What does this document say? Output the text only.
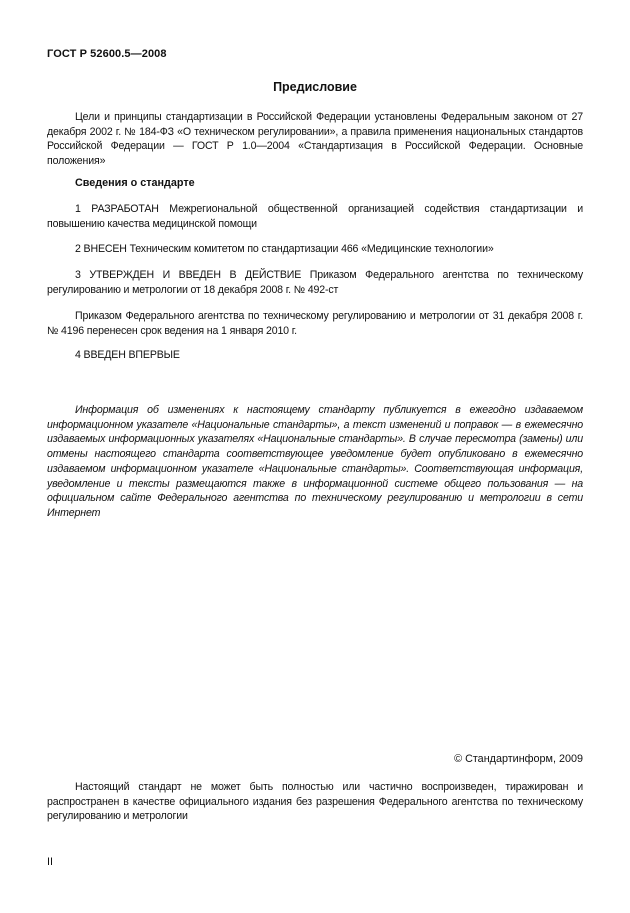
ГОСТ Р 52600.5—2008
Предисловие

Цели и принципы стандартизации в Российской Федерации установлены Федеральным законом от 27 декабря 2002 г. № 184-ФЗ «О техническом регулировании», а правила применения национальных стандартов Российской Федерации — ГОСТ Р 1.0—2004 «Стандартизация в Российской Федерации. Основные положения»

Сведения о стандарте

1 РАЗРАБОТАН Межрегиональной общественной организацией содействия стандартизации и повышению качества медицинской помощи

2 ВНЕСЕН Техническим комитетом по стандартизации 466 «Медицинские технологии»

3 УТВЕРЖДЕН И ВВЕДЕН В ДЕЙСТВИЕ Приказом Федерального агентства по техническому регулированию и метрологии от 18 декабря 2008 г. № 492-ст

Приказом Федерального агентства по техническому регулированию и метрологии от 31 декабря 2008 г. № 4196 перенесен срок ведения на 1 января 2010 г.

4 ВВЕДЕН ВПЕРВЫЕ

Информация об изменениях к настоящему стандарту публикуется в ежегодно издаваемом информационном указателе «Национальные стандарты», а текст изменений и поправок — в ежемесячно издаваемых информационных указателях «Национальные стандарты». В случае пересмотра (замены) или отмены настоящего стандарта соответствующее уведомление будет опубликовано в ежемесячно издаваемом информационном указателе «Национальные стандарты». Соответствующая информация, уведомление и тексты размещаются также в информационной системе общего пользования — на официальном сайте Федерального агентства по техническому регулированию и метрологии в сети Интернет

© Стандартинформ, 2009

Настоящий стандарт не может быть полностью или частично воспроизведен, тиражирован и распространен в качестве официального издания без разрешения Федерального агентства по техническому регулированию и метрологии

II
